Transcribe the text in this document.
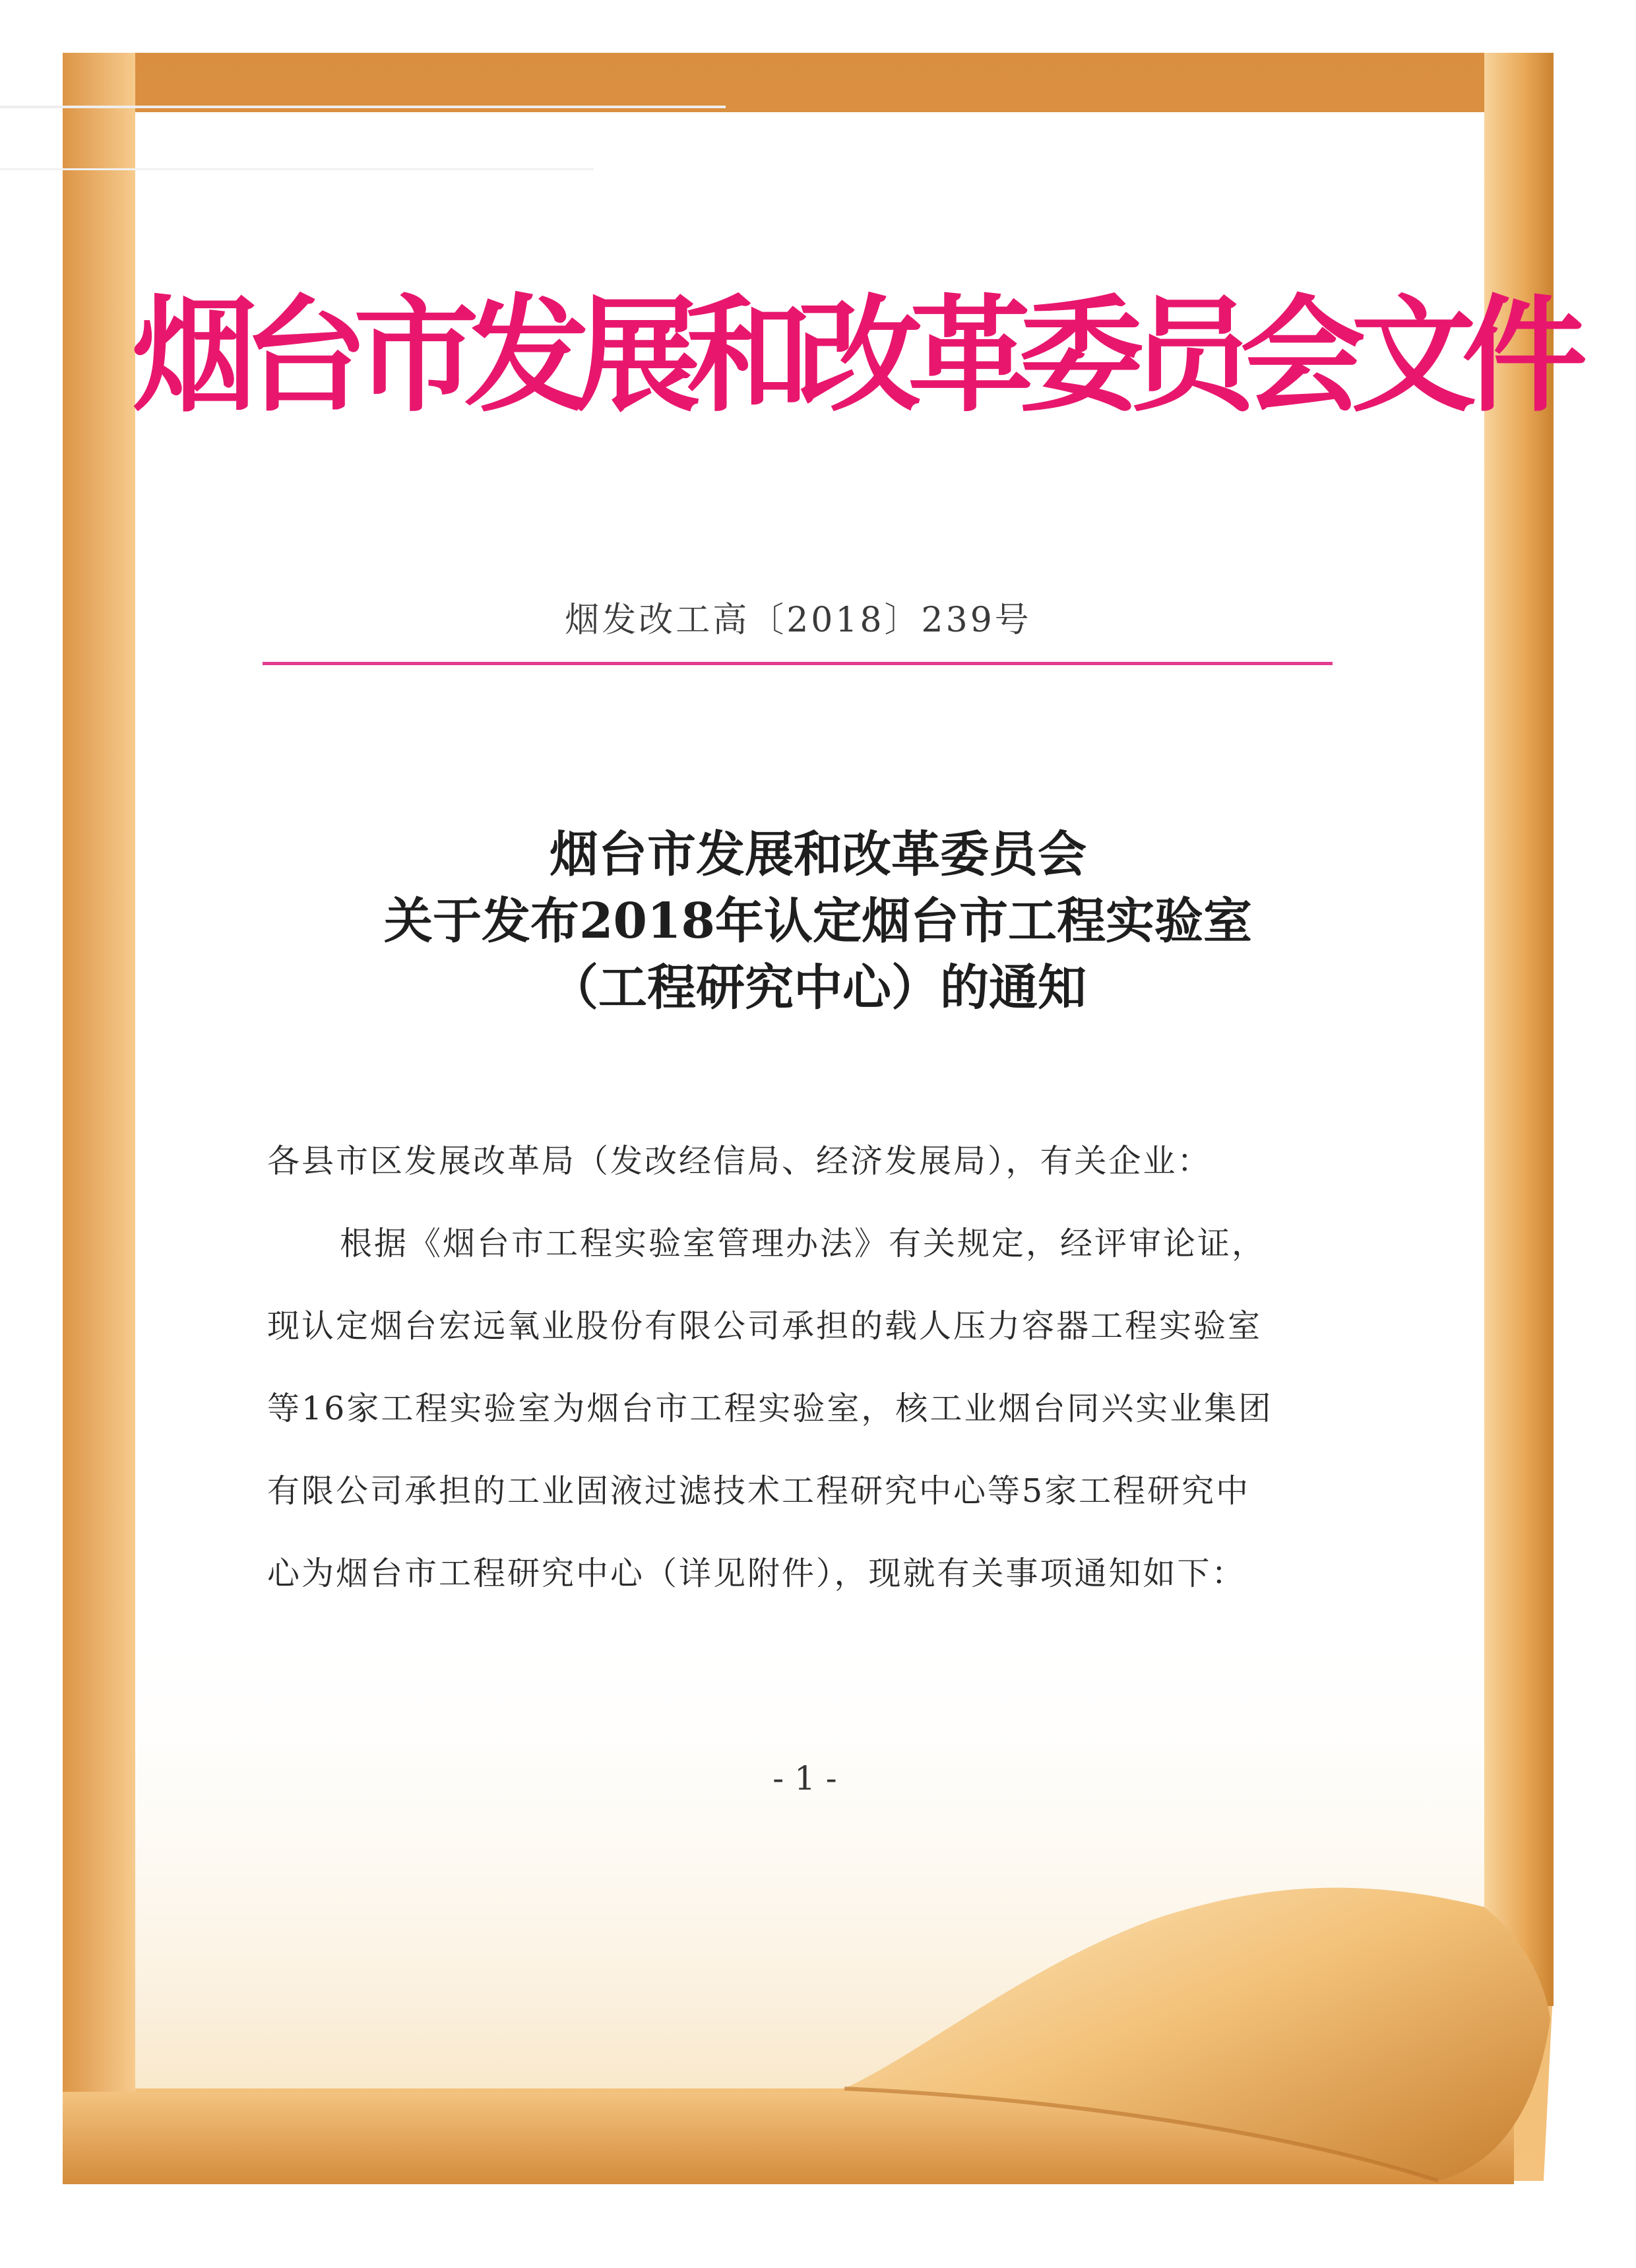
烟台市发展和改革委员会文件
烟发改工高〔2018〕239号
烟台市发展和改革委员会
关于发布2018年认定烟台市工程实验室
（工程研究中心）的通知
各县市区发展改革局（发改经信局、经济发展局），有关企业：
根据《烟台市工程实验室管理办法》有关规定，经评审论证，
现认定烟台宏远氧业股份有限公司承担的载人压力容器工程实验室
等16家工程实验室为烟台市工程实验室，核工业烟台同兴实业集团
有限公司承担的工业固液过滤技术工程研究中心等5家工程研究中
心为烟台市工程研究中心（详见附件），现就有关事项通知如下：
- 1 -
